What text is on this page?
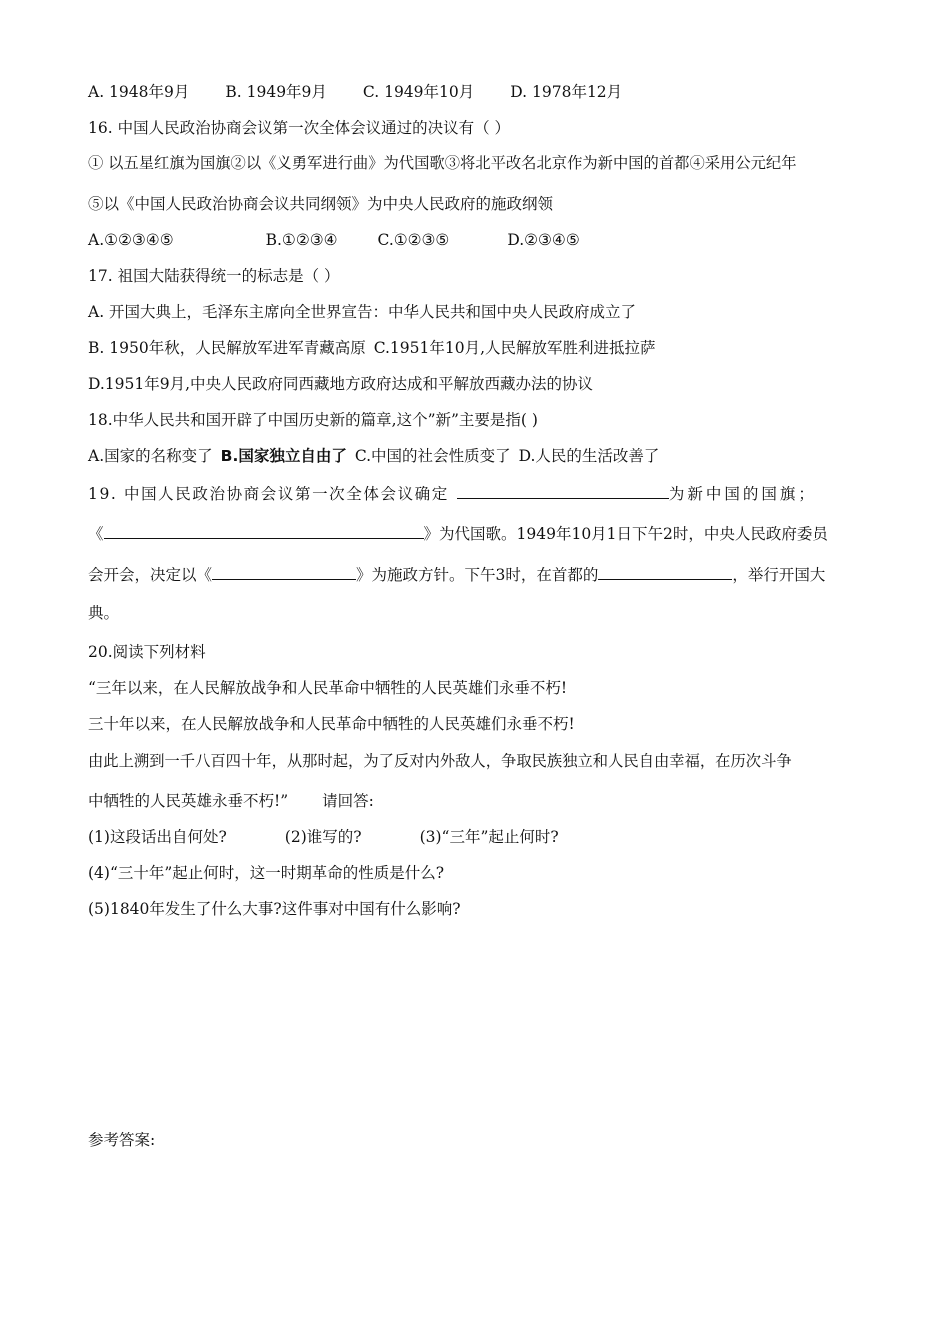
A. 1948年9月 B. 1949年9月 C. 1949年10月 D. 1978年12月
16. 中国人民政治协商会议第一次全体会议通过的决议有（ ）
① 以五星红旗为国旗②以《义勇军进行曲》为代国歌③将北平改名北京作为新中国的首都④采用公元纪年
⑤以《中国人民政治协商会议共同纲领》为中央人民政府的施政纲领
A.①②③④⑤	B.①②③④	C.①②③⑤	D.②③④⑤
17. 祖国大陆获得统一的标志是（ ）
A. 开国大典上，毛泽东主席向全世界宣告：中华人民共和国中央人民政府成立了
B. 1950年秋，人民解放军进军青藏高原 C.1951年10月,人民解放军胜利进抵拉萨
D.1951年9月,中央人民政府同西藏地方政府达成和平解放西藏办法的协议
18.中华人民共和国开辟了中国历史新的篇章,这个”新”主要是指( )
A.国家的名称变了 B.国家独立自由了 C.中国的社会性质变了 D.人民的生活改善了
19. 中国人民政治协商会议第一次全体会议确定	为新中国的国旗；
《	》为代国歌。1949年10月1日下午2时，中央人民政府委员
会开会，决定以《	》为施政方针。下午3时，在首都的	，举行开国大
典。
20.阅读下列材料
“三年以来，在人民解放战争和人民革命中牺牲的人民英雄们永垂不朽!
三十年以来，在人民解放战争和人民革命中牺牲的人民英雄们永垂不朽!
由此上溯到一千八百四十年，从那时起，为了反对内外敌人，争取民族独立和人民自由幸福，在历次斗争
中牺牲的人民英雄永垂不朽!” 请回答:
(1)这段话出自何处?	(2)谁写的?	(3)“三年”起止何时?
(4)“三十年”起止何时，这一时期革命的性质是什么?
(5)1840年发生了什么大事?这件事对中国有什么影响?
参考答案:
